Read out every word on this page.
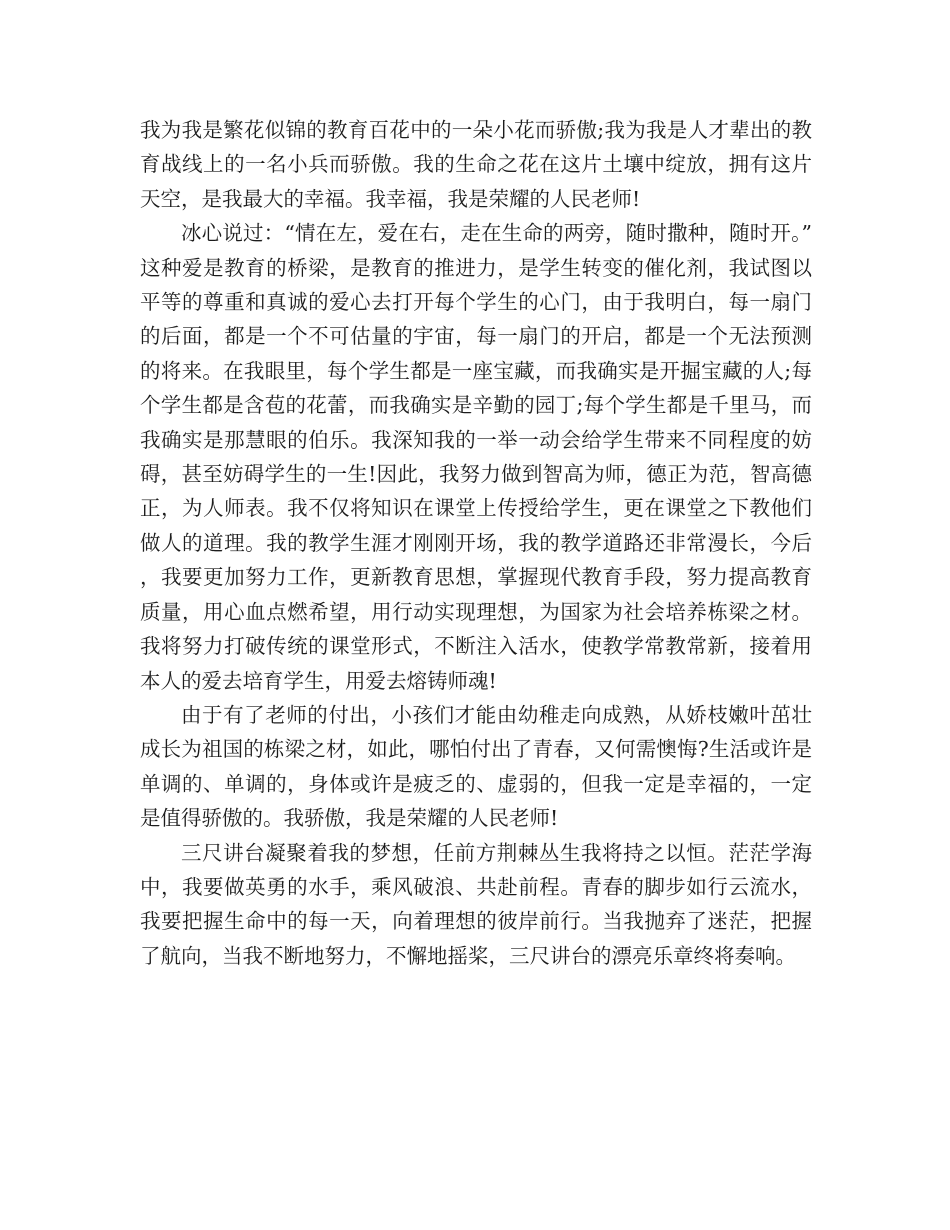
我为我是繁花似锦的教育百花中的一朵小花而骄傲;我为我是人才辈出的教育战线上的一名小兵而骄傲。我的生命之花在这片土壤中绽放，拥有这片天空，是我最大的幸福。我幸福，我是荣耀的人民老师!

冰心说过：“情在左，爱在右，走在生命的两旁，随时撒种，随时开。”这种爱是教育的桥梁，是教育的推进力，是学生转变的催化剂，我试图以平等的尊重和真诚的爱心去打开每个学生的心门，由于我明白，每一扇门的后面，都是一个不可估量的宇宙，每一扇门的开启，都是一个无法预测的将来。在我眼里，每个学生都是一座宝藏，而我确实是开掘宝藏的人;每个学生都是含苞的花蕾，而我确实是辛勤的园丁;每个学生都是千里马，而我确实是那慧眼的伯乐。我深知我的一举一动会给学生带来不同程度的妨碍，甚至妨碍学生的一生!因此，我努力做到智高为师，德正为范，智高德正，为人师表。我不仅将知识在课堂上传授给学生，更在课堂之下教他们做人的道理。我的教学生涯才刚刚开场，我的教学道路还非常漫长，今后，我要更加努力工作，更新教育思想，掌握现代教育手段，努力提高教育质量，用心血点燃希望，用行动实现理想，为国家为社会培养栋梁之材。我将努力打破传统的课堂形式，不断注入活水，使教学常教常新，接着用本人的爱去培育学生，用爱去熔铸师魂!

由于有了老师的付出，小孩们才能由幼稚走向成熟，从娇枝嫩叶茁壮成长为祖国的栋梁之材，如此，哪怕付出了青春，又何需懊悔?生活或许是单调的、单调的，身体或许是疲乏的、虚弱的，但我一定是幸福的，一定是值得骄傲的。我骄傲，我是荣耀的人民老师!

三尺讲台凝聚着我的梦想，任前方荆棘丛生我将持之以恒。茫茫学海中，我要做英勇的水手，乘风破浪、共赴前程。青春的脚步如行云流水，我要把握生命中的每一天，向着理想的彼岸前行。当我抛弃了迷茫，把握了航向，当我不断地努力，不懈地摇桨，三尺讲台的漂亮乐章终将奏响。
